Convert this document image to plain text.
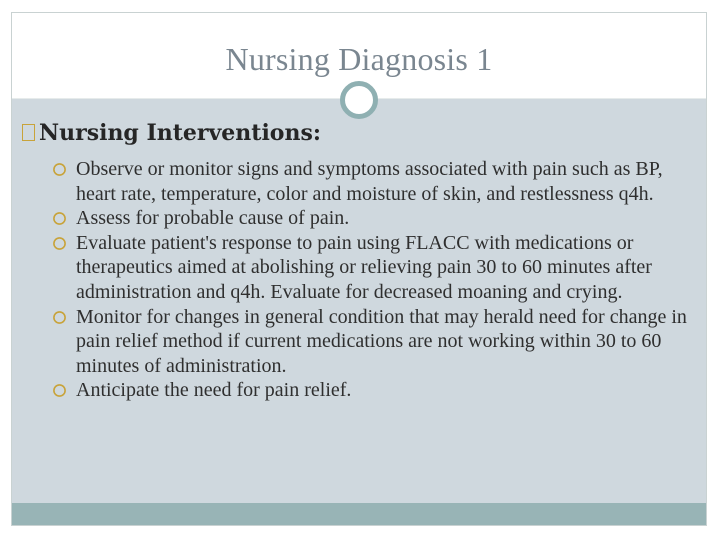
Nursing Diagnosis 1
Nursing Interventions:
Observe or monitor signs and symptoms associated with pain such as BP, heart rate, temperature, color and moisture of skin, and restlessness q4h.
Assess for probable cause of pain.
Evaluate patient's response to pain using FLACC with medications or therapeutics aimed at abolishing or relieving pain 30 to 60 minutes after administration and q4h. Evaluate for decreased moaning and crying.
Monitor for changes in general condition that may herald need for change in pain relief method if current medications are not working within 30 to 60 minutes of administration.
Anticipate the need for pain relief.
